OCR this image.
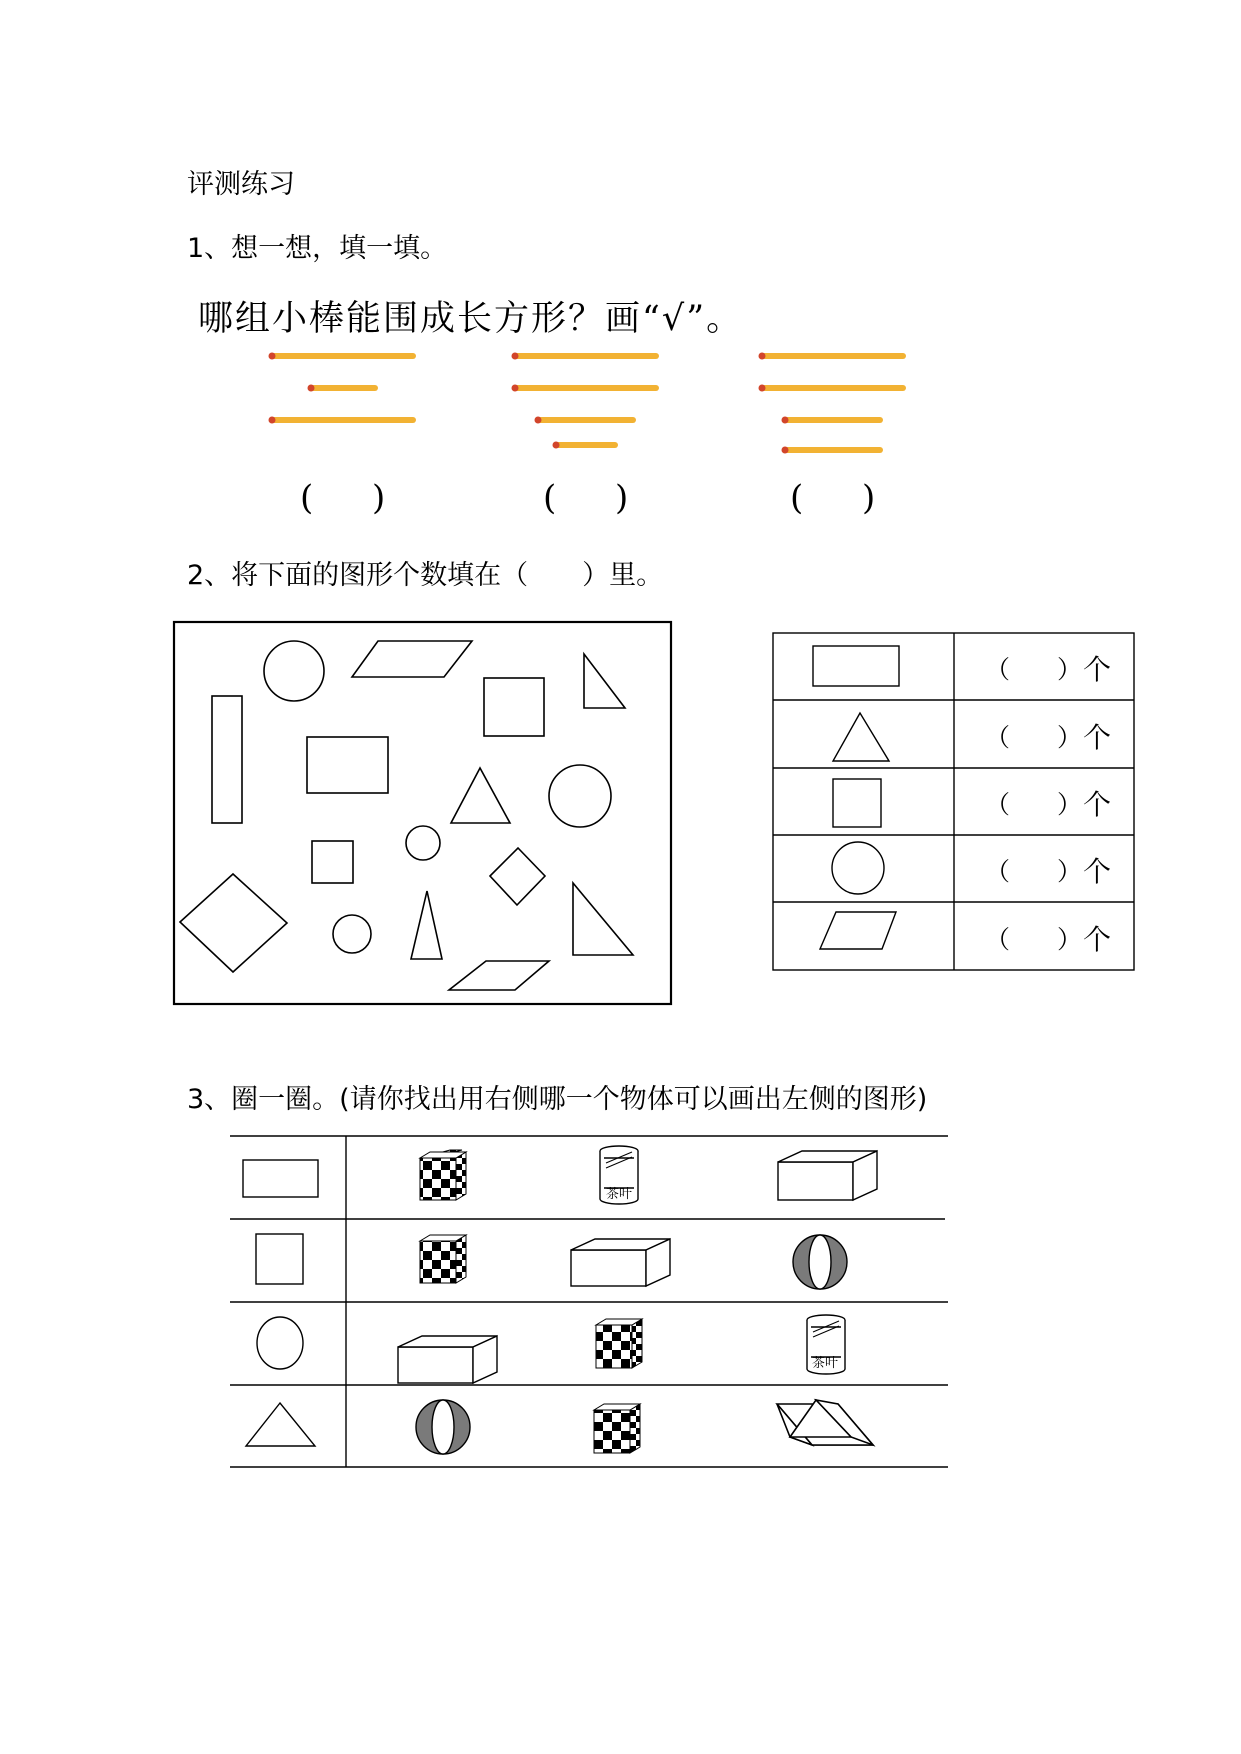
评测练习
1、想一想，填一填。
哪组小棒能围成长方形？画“√”。
2、将下面的图形个数填在（　　）里。
3、圈一圈。(请你找出用右侧哪一个物体可以画出左侧的图形)
( )	( )	( )
（ ） 个
（ ） 个
（ ） 个
（ ） 个
（ ） 个
茶叶
茶叶
